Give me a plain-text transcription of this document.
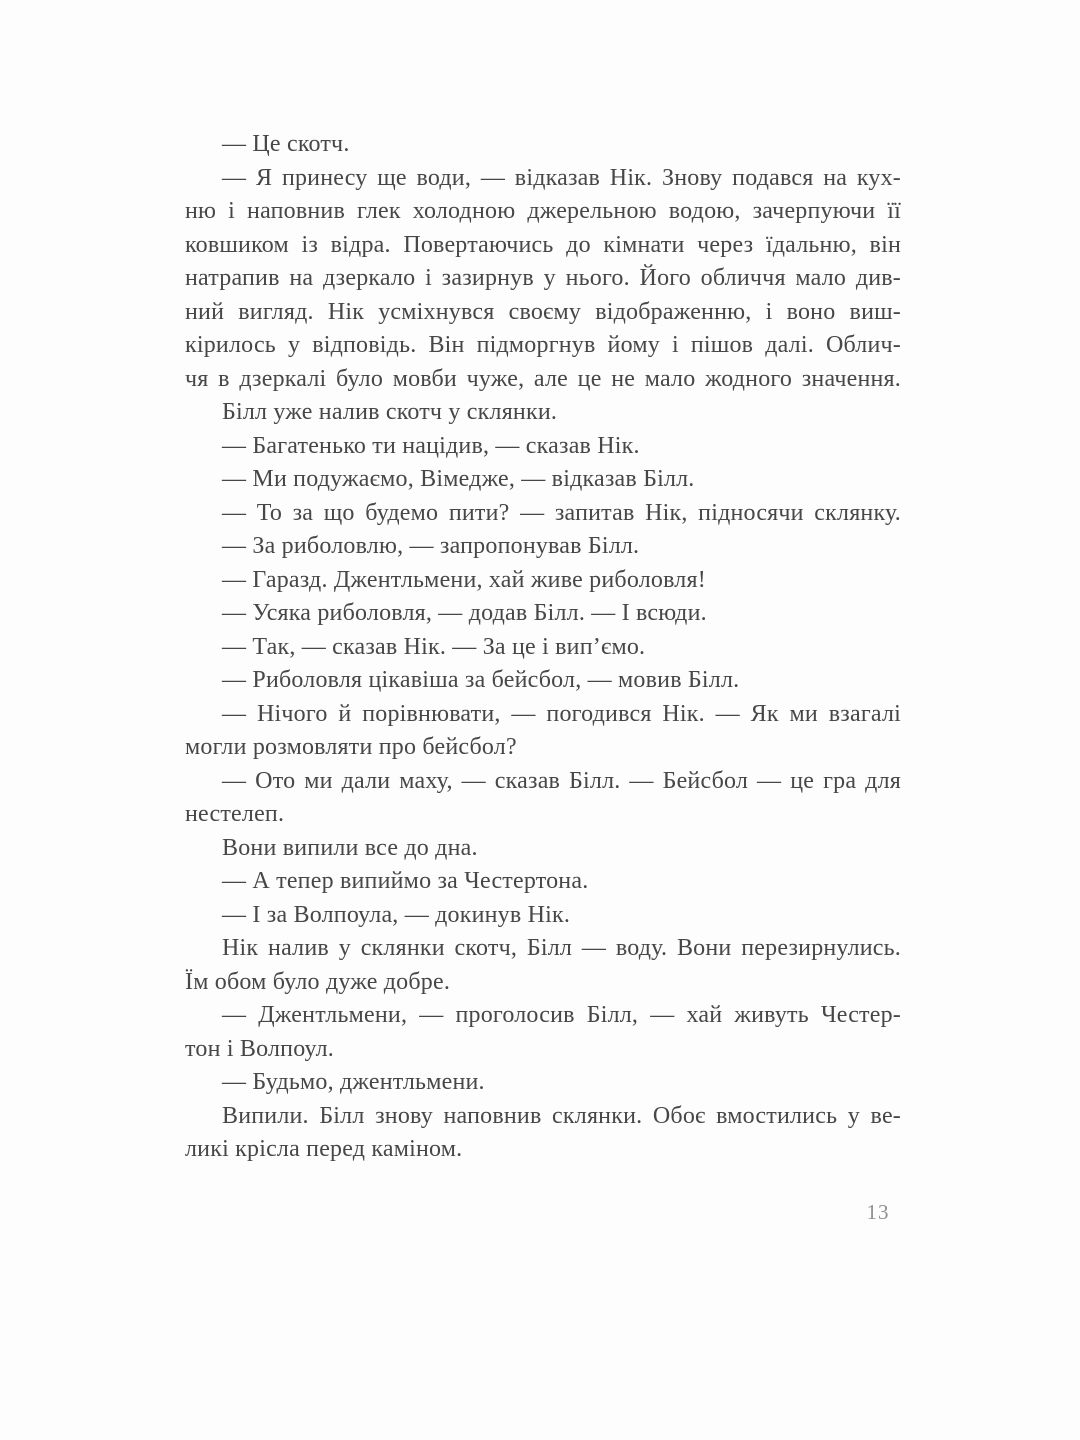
— Це скотч.
— Я принесу ще води, — відказав Нік. Знову подався на кух-
ню і наповнив глек холодною джерельною водою, зачерпуючи її
ковшиком із відра. Повертаючись до кімнати через їдальню, він
натрапив на дзеркало і зазирнув у нього. Його обличчя мало див-
ний вигляд. Нік усміхнувся своєму відображенню, і воно виш-
кірилось у відповідь. Він підморгнув йому і пішов далі. Облич-
чя в дзеркалі було мовби чуже, але це не мало жодного значення.
Білл уже налив скотч у склянки.
— Багатенько ти націдив, — сказав Нік.
— Ми подужаємо, Вімедже, — відказав Білл.
— То за що будемо пити? — запитав Нік, підносячи склянку.
— За риболовлю, — запропонував Білл.
— Гаразд. Джентльмени, хай живе риболовля!
— Усяка риболовля, — додав Білл. — І всюди.
— Так, — сказав Нік. — За це і вип’ємо.
— Риболовля цікавіша за бейсбол, — мовив Білл.
— Нічого й порівнювати, — погодився Нік. — Як ми взагалі
могли розмовляти про бейсбол?
— Ото ми дали маху, — сказав Білл. — Бейсбол — це гра для
нестелеп.
Вони випили все до дна.
— А тепер випиймо за Честертона.
— І за Волпоула, — докинув Нік.
Нік налив у склянки скотч, Білл — воду. Вони перезирнулись.
Їм обом було дуже добре.
— Джентльмени, — проголосив Білл, — хай живуть Честер-
тон і Волпоул.
— Будьмо, джентльмени.
Випили. Білл знову наповнив склянки. Обоє вмостились у ве-
ликі крісла перед каміном.
13
